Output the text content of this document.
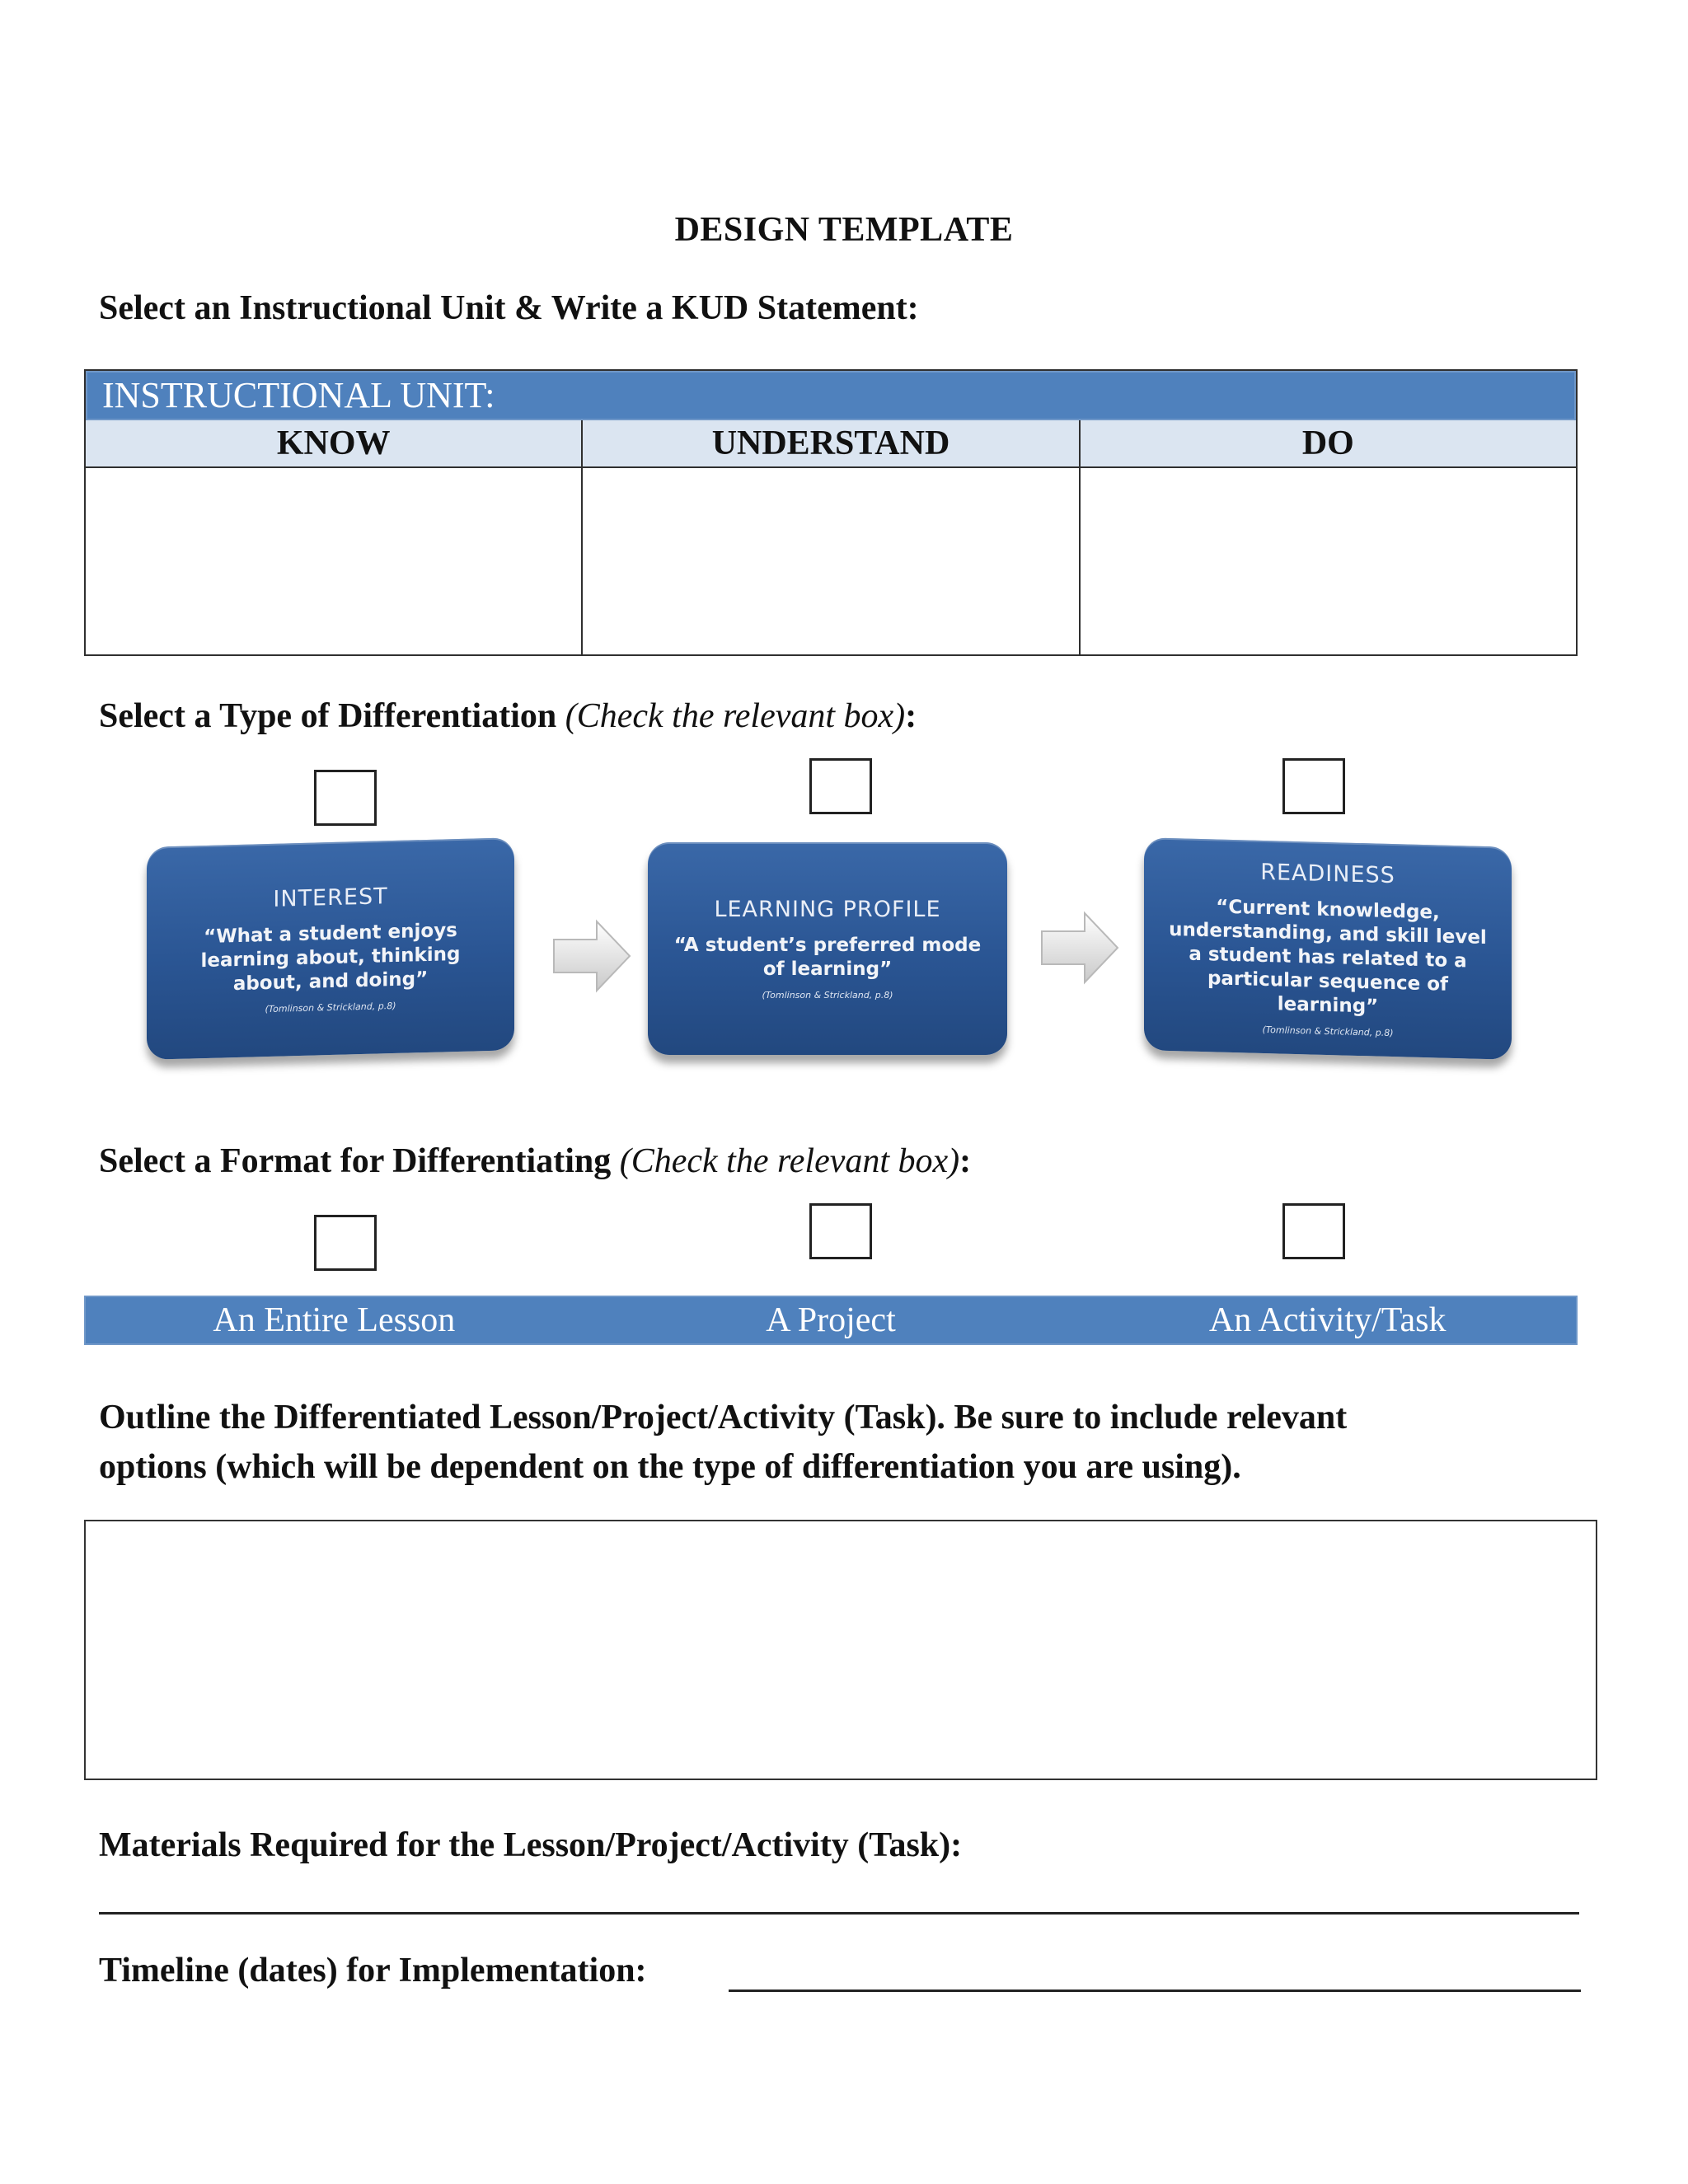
DESIGN TEMPLATE
Select an Instructional Unit & Write a KUD Statement:
INSTRUCTIONAL UNIT:
KNOW	UNDERSTAND	DO
Select a Type of Differentiation (Check the relevant box):
INTEREST
“What a student enjoys learning about, thinking about, and doing”
(Tomlinson & Strickland, p.8)
LEARNING PROFILE
“A student’s preferred mode of learning”
(Tomlinson & Strickland, p.8)
READINESS
“Current knowledge, understanding, and skill level a student has related to a particular sequence of learning”
(Tomlinson & Strickland, p.8)
Select a Format for Differentiating (Check the relevant box):
An Entire Lesson	A Project	An Activity/Task
Outline the Differentiated Lesson/Project/Activity (Task). Be sure to include relevant
options (which will be dependent on the type of differentiation you are using).
Materials Required for the Lesson/Project/Activity (Task):
Timeline (dates) for Implementation:
